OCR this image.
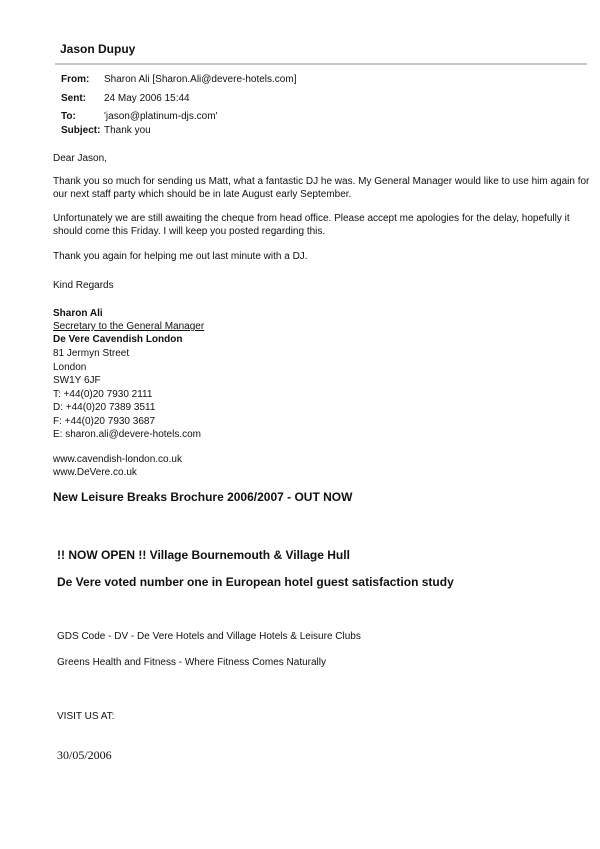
Jason Dupuy
From: Sharon Ali [Sharon.Ali@devere-hotels.com]
Sent: 24 May 2006 15:44
To:	'jason@platinum-djs.com'
Subject: Thank you
Dear Jason,
Thank you so much for sending us Matt, what a fantastic DJ he was. My General Manager would like to use him again for our next staff party which should be in late August early September.
Unfortunately we are still awaiting the cheque from head office. Please accept me apologies for the delay, hopefully it should come this Friday. I will keep you posted regarding this.
Thank you again for helping me out last minute with a DJ.
Kind Regards
Sharon Ali
Secretary to the General Manager
De Vere Cavendish London
81 Jermyn Street
London
SW1Y 6JF
T: +44(0)20 7930 2111
D: +44(0)20 7389 3511
F: +44(0)20 7930 3687
E: sharon.ali@devere-hotels.com
www.cavendish-london.co.uk
www.DeVere.co.uk
New Leisure Breaks Brochure 2006/2007 - OUT NOW
!! NOW OPEN !! Village Bournemouth & Village Hull
De Vere voted number one in European hotel guest satisfaction study
GDS Code - DV - De Vere Hotels and Village Hotels & Leisure Clubs
Greens Health and Fitness - Where Fitness Comes Naturally
VISIT US AT:
30/05/2006
